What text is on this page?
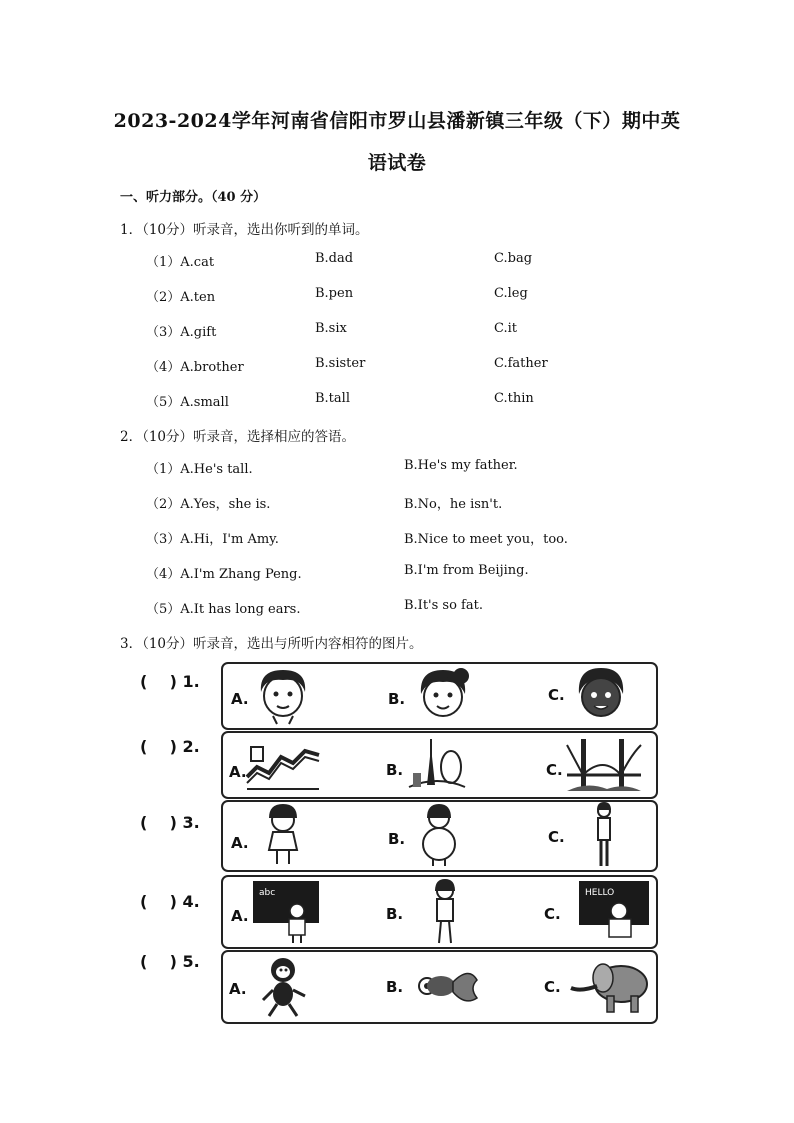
2023-2024学年河南省信阳市罗山县潘新镇三年级（下）期中英
语试卷
一、听力部分。（40 分）
1．（10分）听录音，选出你听到的单词。
（1）A.cat	B.dad	C.bag
（2）A.ten	B.pen	C.leg
（3）A.gift	B.six	C.it
（4）A.brother	B.sister	C.father
（5）A.small	B.tall	C.thin
2．（10分）听录音，选择相应的答语。
（1）A.He's tall.	B.He's my father.
（2）A.Yes，she is.	B.No，he isn't.
（3）A.Hi，I'm Amy.	B.Nice to meet you，too.
（4）A.I'm Zhang Peng.	B.I'm from Beijing.
（5）A.It has long ears.	B.It's so fat.
3．（10分）听录音，选出与所听内容相符的图片。
(    ) 1.
A.	B.	C.
(    ) 2.
A.	B.	C.
(    ) 3.
A.	B.	C.
(    ) 4.
A.	B.	C.
abc	HELLO
(    ) 5.
A.	B.	C.
